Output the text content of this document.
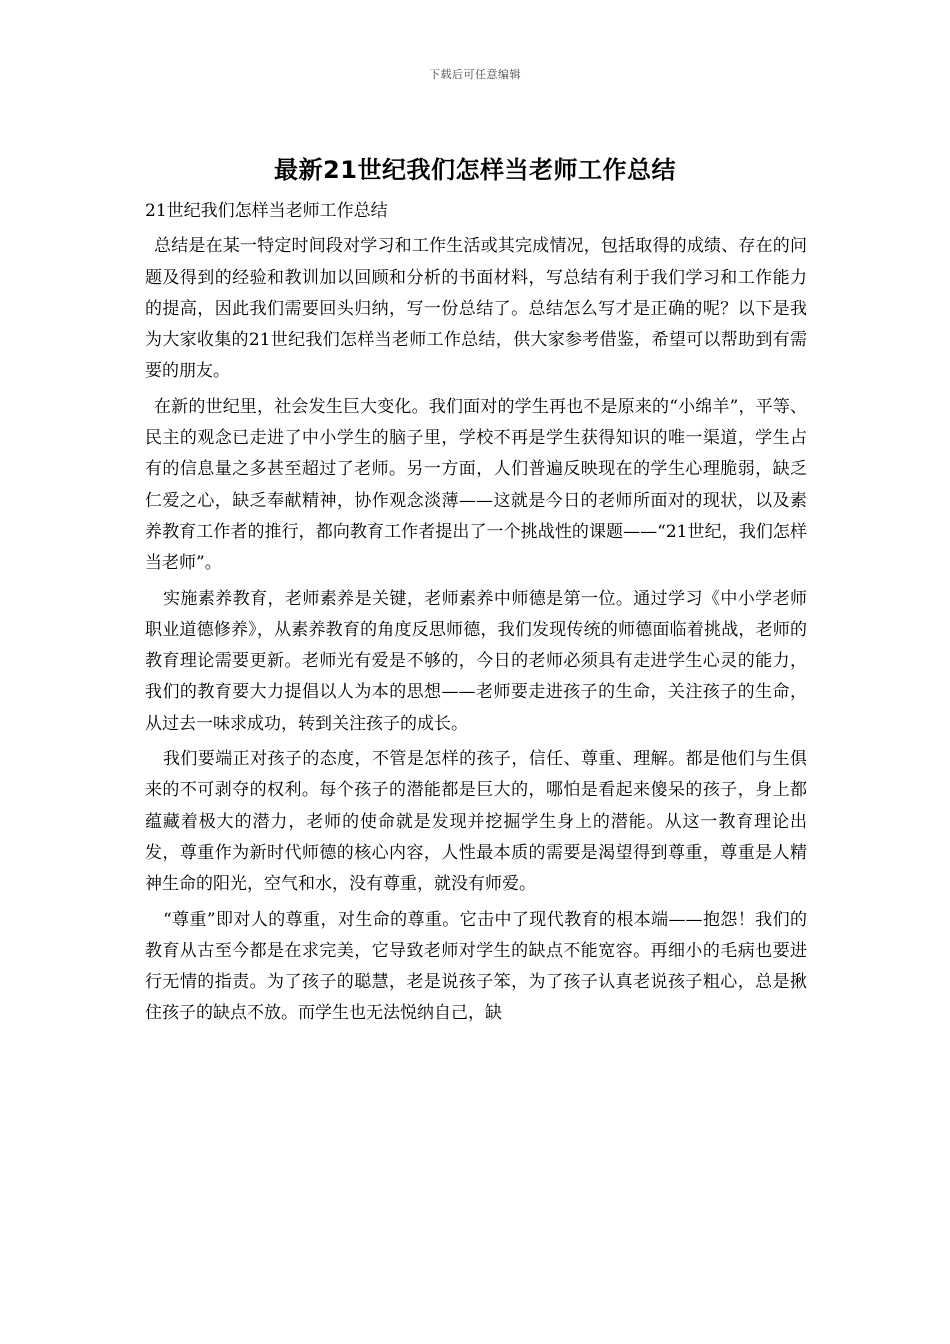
下载后可任意编辑
最新21世纪我们怎样当老师工作总结

21世纪我们怎样当老师工作总结

总结是在某一特定时间段对学习和工作生活或其完成情况，包括取得的成绩、存在的问题及得到的经验和教训加以回顾和分析的书面材料，写总结有利于我们学习和工作能力的提高，因此我们需要回头归纳，写一份总结了。总结怎么写才是正确的呢？以下是我为大家收集的21世纪我们怎样当老师工作总结，供大家参考借鉴，希望可以帮助到有需要的朋友。

在新的世纪里，社会发生巨大变化。我们面对的学生再也不是原来的“小绵羊”，平等、民主的观念已走进了中小学生的脑子里，学校不再是学生获得知识的唯一渠道，学生占有的信息量之多甚至超过了老师。另一方面，人们普遍反映现在的学生心理脆弱，缺乏仁爱之心，缺乏奉献精神，协作观念淡薄——这就是今日的老师所面对的现状，以及素养教育工作者的推行，都向教育工作者提出了一个挑战性的课题——“21世纪，我们怎样当老师”。

实施素养教育，老师素养是关键，老师素养中师德是第一位。通过学习《中小学老师职业道德修养》，从素养教育的角度反思师德，我们发现传统的师德面临着挑战，老师的教育理论需要更新。老师光有爱是不够的，今日的老师必须具有走进学生心灵的能力，我们的教育要大力提倡以人为本的思想——老师要走进孩子的生命，关注孩子的生命，从过去一味求成功，转到关注孩子的成长。

我们要端正对孩子的态度，不管是怎样的孩子，信任、尊重、理解。都是他们与生俱来的不可剥夺的权利。每个孩子的潜能都是巨大的，哪怕是看起来傻呆的孩子，身上都蕴藏着极大的潜力，老师的使命就是发现并挖掘学生身上的潜能。从这一教育理论出发，尊重作为新时代师德的核心内容，人性最本质的需要是渴望得到尊重，尊重是人精神生命的阳光，空气和水，没有尊重，就没有师爱。

“尊重”即对人的尊重，对生命的尊重。它击中了现代教育的根本端——抱怨！我们的教育从古至今都是在求完美，它导致老师对学生的缺点不能宽容。再细小的毛病也要进行无情的指责。为了孩子的聪慧，老是说孩子笨，为了孩子认真老说孩子粗心，总是揪住孩子的缺点不放。而学生也无法悦纳自己，缺
